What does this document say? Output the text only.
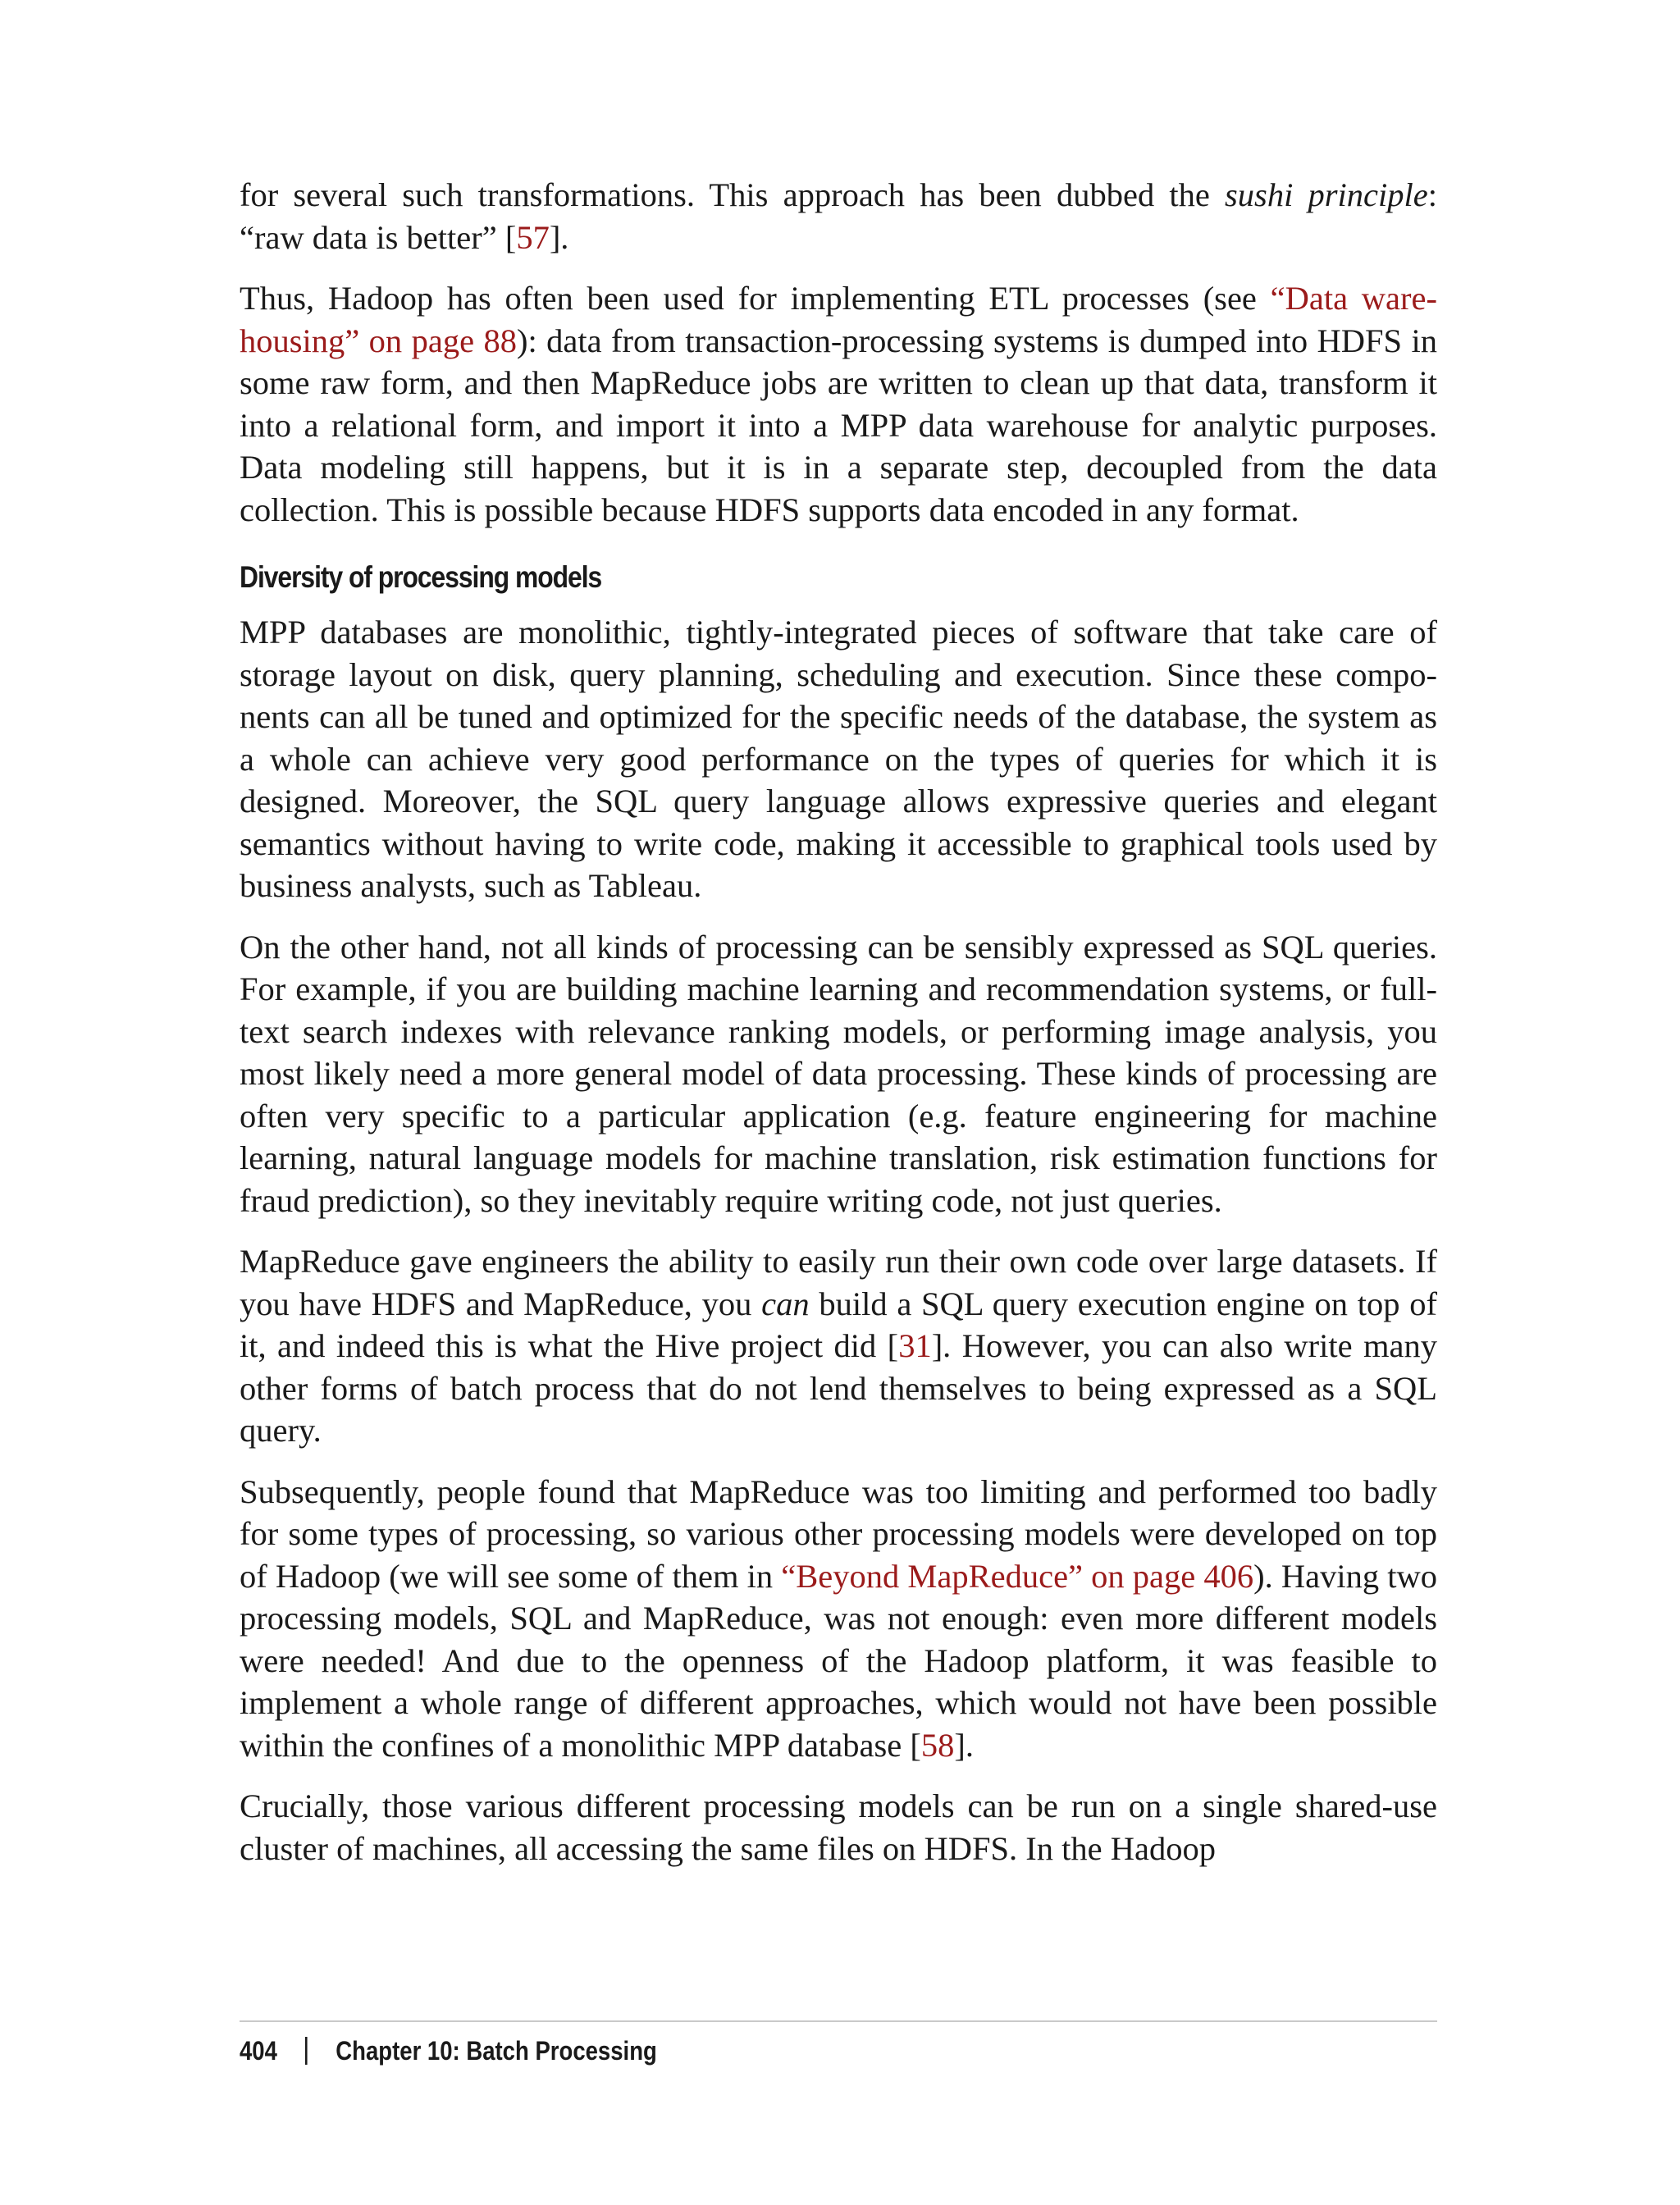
for several such transformations. This approach has been dubbed the sushi principle: “raw data is better” [57].

Thus, Hadoop has often been used for implementing ETL processes (see “Data warehousing” on page 88): data from transaction-processing systems is dumped into HDFS in some raw form, and then MapReduce jobs are written to clean up that data, transform it into a relational form, and import it into a MPP data warehouse for analytic purposes. Data modeling still happens, but it is in a separate step, decoupled from the data collection. This is possible because HDFS supports data encoded in any format.

Diversity of processing models

MPP databases are monolithic, tightly-integrated pieces of software that take care of storage layout on disk, query planning, scheduling and execution. Since these components can all be tuned and optimized for the specific needs of the database, the system as a whole can achieve very good performance on the types of queries for which it is designed. Moreover, the SQL query language allows expressive queries and elegant semantics without having to write code, making it accessible to graphical tools used by business analysts, such as Tableau.

On the other hand, not all kinds of processing can be sensibly expressed as SQL queries. For example, if you are building machine learning and recommendation systems, or full-text search indexes with relevance ranking models, or performing image analysis, you most likely need a more general model of data processing. These kinds of processing are often very specific to a particular application (e.g. feature engineering for machine learning, natural language models for machine translation, risk estimation functions for fraud prediction), so they inevitably require writing code, not just queries.

MapReduce gave engineers the ability to easily run their own code over large datasets. If you have HDFS and MapReduce, you can build a SQL query execution engine on top of it, and indeed this is what the Hive project did [31]. However, you can also write many other forms of batch process that do not lend themselves to being expressed as a SQL query.

Subsequently, people found that MapReduce was too limiting and performed too badly for some types of processing, so various other processing models were developed on top of Hadoop (we will see some of them in “Beyond MapReduce” on page 406). Having two processing models, SQL and MapReduce, was not enough: even more different models were needed! And due to the openness of the Hadoop platform, it was feasible to implement a whole range of different approaches, which would not have been possible within the confines of a monolithic MPP database [58].

Crucially, those various different processing models can be run on a single shared-use cluster of machines, all accessing the same files on HDFS. In the Hadoop

404 Chapter 10: Batch Processing
